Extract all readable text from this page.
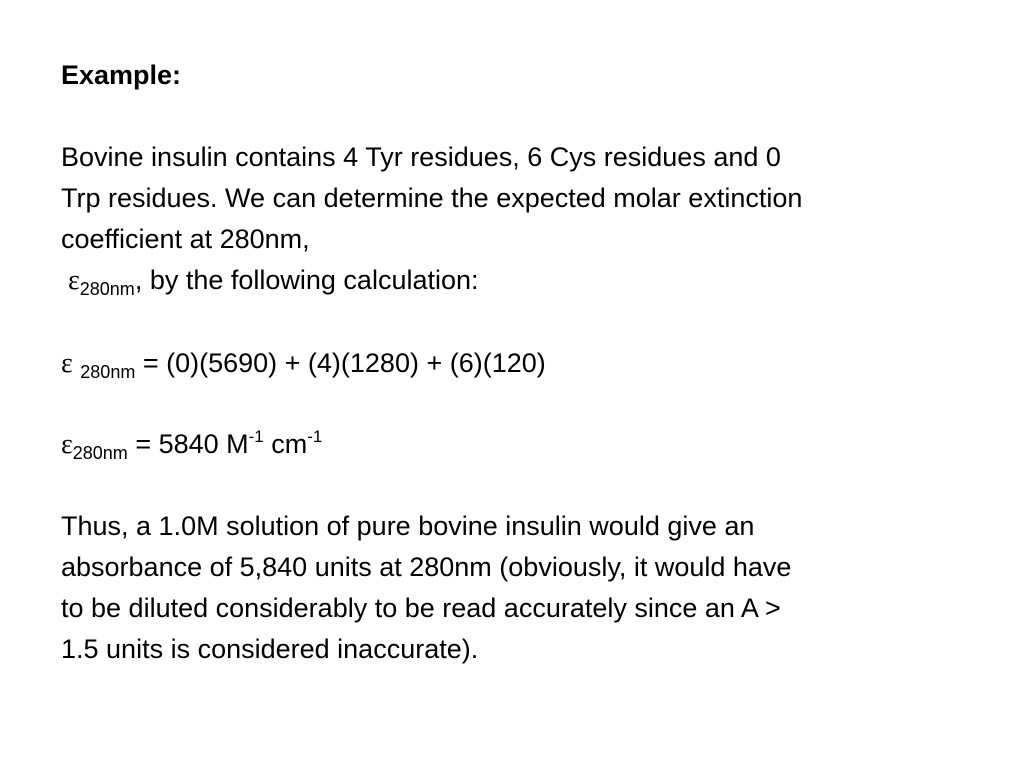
Example:
Bovine insulin contains 4 Tyr residues, 6 Cys residues and 0
Trp residues. We can determine the expected molar extinction
coefficient at 280nm,
$\varepsilon_{280nm}$, by the following calculation:
ε $_{280nm}$ = (0)(5690) + (4)(1280) + (6)(120)
$\varepsilon_{280nm} = 5840$ $M^{-1}$ $cm^{-1}$
Thus, a 1.0M solution of pure bovine insulin would give an
absorbance of 5,840 units at 280nm (obviously, it would have
to be diluted considerably to be read accurately since an A >
1.5 units is considered inaccurate).
